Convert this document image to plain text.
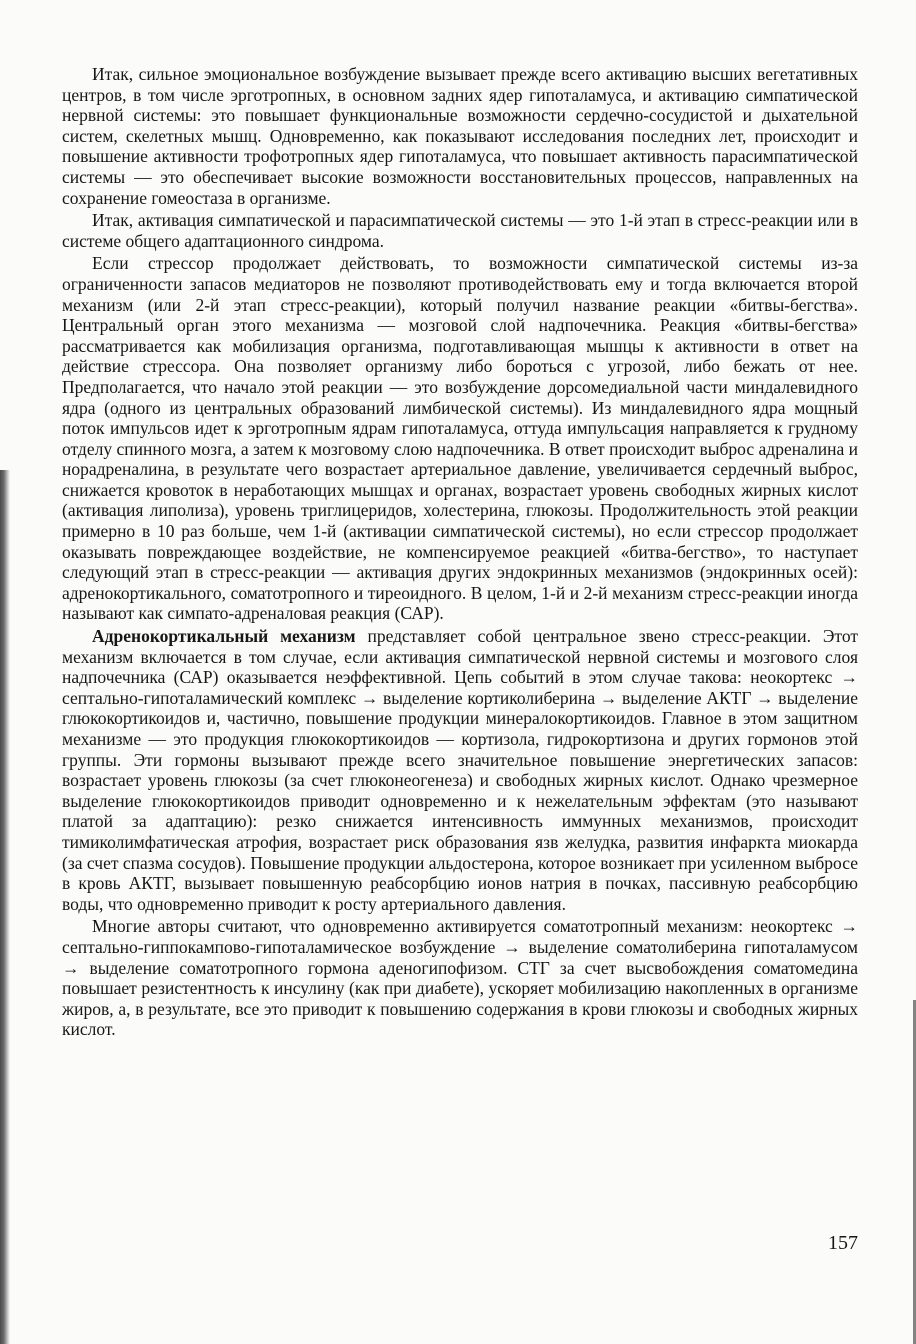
Итак, сильное эмоциональное возбуждение вызывает прежде всего активацию высших вегетативных центров, в том числе эрготропных, в основном задних ядер гипоталамуса, и активацию симпатической нервной системы: это повышает функциональные возможности сердечно-сосудистой и дыхательной систем, скелетных мышц. Одновременно, как показывают исследования последних лет, происходит и повышение активности трофотропных ядер гипоталамуса, что повышает активность парасимпатической системы — это обеспечивает высокие возможности восстановительных процессов, направленных на сохранение гомеостаза в организме.

Итак, активация симпатической и парасимпатической системы — это 1-й этап в стресс-реакции или в системе общего адаптационного синдрома.

Если стрессор продолжает действовать, то возможности симпатической системы из-за ограниченности запасов медиаторов не позволяют противодействовать ему и тогда включается второй механизм (или 2-й этап стресс-реакции), который получил название реакции «битвы-бегства». Центральный орган этого механизма — мозговой слой надпочечника. Реакция «битвы-бегства» рассматривается как мобилизация организма, подготавливающая мышцы к активности в ответ на действие стрессора. Она позволяет организму либо бороться с угрозой, либо бежать от нее. Предполагается, что начало этой реакции — это возбуждение дорсомедиальной части миндалевидного ядра (одного из центральных образований лимбической системы). Из миндалевидного ядра мощный поток импульсов идет к эрготропным ядрам гипоталамуса, оттуда импульсация направляется к грудному отделу спинного мозга, а затем к мозговому слою надпочечника. В ответ происходит выброс адреналина и норадреналина, в результате чего возрастает артериальное давление, увеличивается сердечный выброс, снижается кровоток в неработающих мышцах и органах, возрастает уровень свободных жирных кислот (активация липолиза), уровень триглицеридов, холестерина, глюкозы. Продолжительность этой реакции примерно в 10 раз больше, чем 1-й (активации симпатической системы), но если стрессор продолжает оказывать повреждающее воздействие, не компенсируемое реакцией «битва-бегство», то наступает следующий этап в стресс-реакции — активация других эндокринных механизмов (эндокринных осей): адренокортикального, соматотропного и тиреоидного. В целом, 1-й и 2-й механизм стресс-реакции иногда называют как симпато-адреналовая реакция (САР).

Адренокортикальный механизм представляет собой центральное звено стресс-реакции. Этот механизм включается в том случае, если активация симпатической нервной системы и мозгового слоя надпочечника (САР) оказывается неэффективной. Цепь событий в этом случае такова: неокортекс → септально-гипоталамический комплекс → выделение кортиколиберина → выделение АКТГ → выделение глюкокортикоидов и, частично, повышение продукции минералокортикоидов. Главное в этом защитном механизме — это продукция глюкокортикоидов — кортизола, гидрокортизона и других гормонов этой группы. Эти гормоны вызывают прежде всего значительное повышение энергетических запасов: возрастает уровень глюкозы (за счет глюконеогенеза) и свободных жирных кислот. Однако чрезмерное выделение глюкокортикоидов приводит одновременно и к нежелательным эффектам (это называют платой за адаптацию): резко снижается интенсивность иммунных механизмов, происходит тимиколимфатическая атрофия, возрастает риск образования язв желудка, развития инфаркта миокарда (за счет спазма сосудов). Повышение продукции альдостерона, которое возникает при усиленном выбросе в кровь АКТГ, вызывает повышенную реабсорбцию ионов натрия в почках, пассивную реабсорбцию воды, что одновременно приводит к росту артериального давления.

Многие авторы считают, что одновременно активируется соматотропный механизм: неокортекс → септально-гиппокампово-гипоталамическое возбуждение → выделение соматолиберина гипоталамусом → выделение соматотропного гормона аденогипофизом. СТГ за счет высвобождения соматомедина повышает резистентность к инсулину (как при диабете), ускоряет мобилизацию накопленных в организме жиров, а, в результате, все это приводит к повышению содержания в крови глюкозы и свободных жирных кислот.

157
